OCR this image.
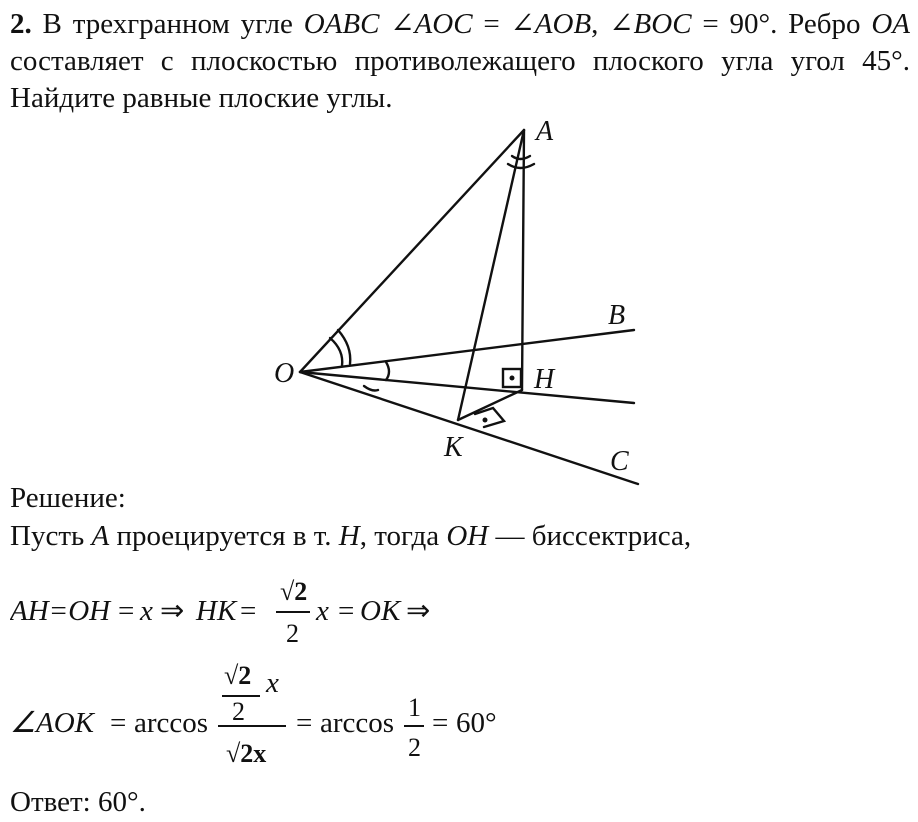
2. В трехгранном угле OABC ∠AOC = ∠AOB, ∠BOC = 90°. Ребро OA составляет с плоскостью противолежащего плоского угла угол 45°. Найдите равные плоские углы.
A
B
O	H
K	C
Решение:
Пусть A проецируется в т. H, тогда OH — биссектриса,
AH=OH = x ⇒ HK =
√2
2
x = OK ⇒
∠AOK = arccos
√2 x
2
√2x
= arccos 1
2
= 60°
Ответ: 60°.
